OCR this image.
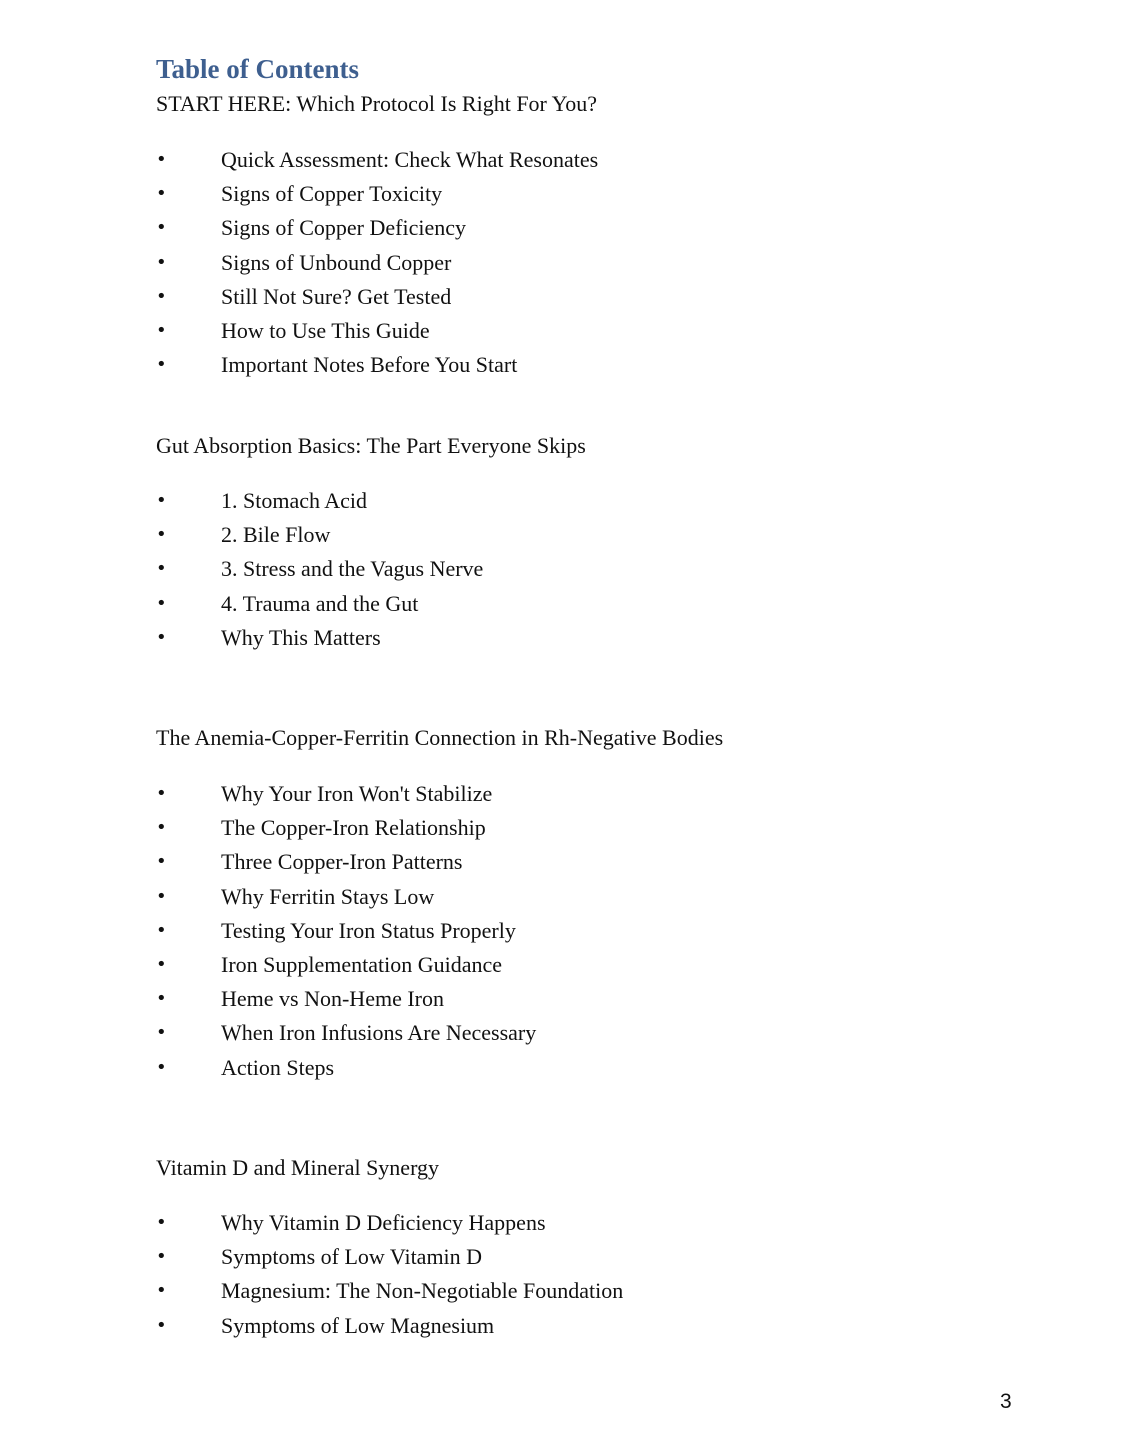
Table of Contents
START HERE: Which Protocol Is Right For You?
•	Quick Assessment: Check What Resonates
•	Signs of Copper Toxicity
•	Signs of Copper Deficiency
•	Signs of Unbound Copper
•	Still Not Sure? Get Tested
•	How to Use This Guide
•	Important Notes Before You Start
Gut Absorption Basics: The Part Everyone Skips
•	1. Stomach Acid
•	2. Bile Flow
•	3. Stress and the Vagus Nerve
•	4. Trauma and the Gut
•	Why This Matters
The Anemia-Copper-Ferritin Connection in Rh-Negative Bodies
•	Why Your Iron Won't Stabilize
•	The Copper-Iron Relationship
•	Three Copper-Iron Patterns
•	Why Ferritin Stays Low
•	Testing Your Iron Status Properly
•	Iron Supplementation Guidance
•	Heme vs Non-Heme Iron
•	When Iron Infusions Are Necessary
•	Action Steps
Vitamin D and Mineral Synergy
•	Why Vitamin D Deficiency Happens
•	Symptoms of Low Vitamin D
•	Magnesium: The Non-Negotiable Foundation
•	Symptoms of Low Magnesium
3
